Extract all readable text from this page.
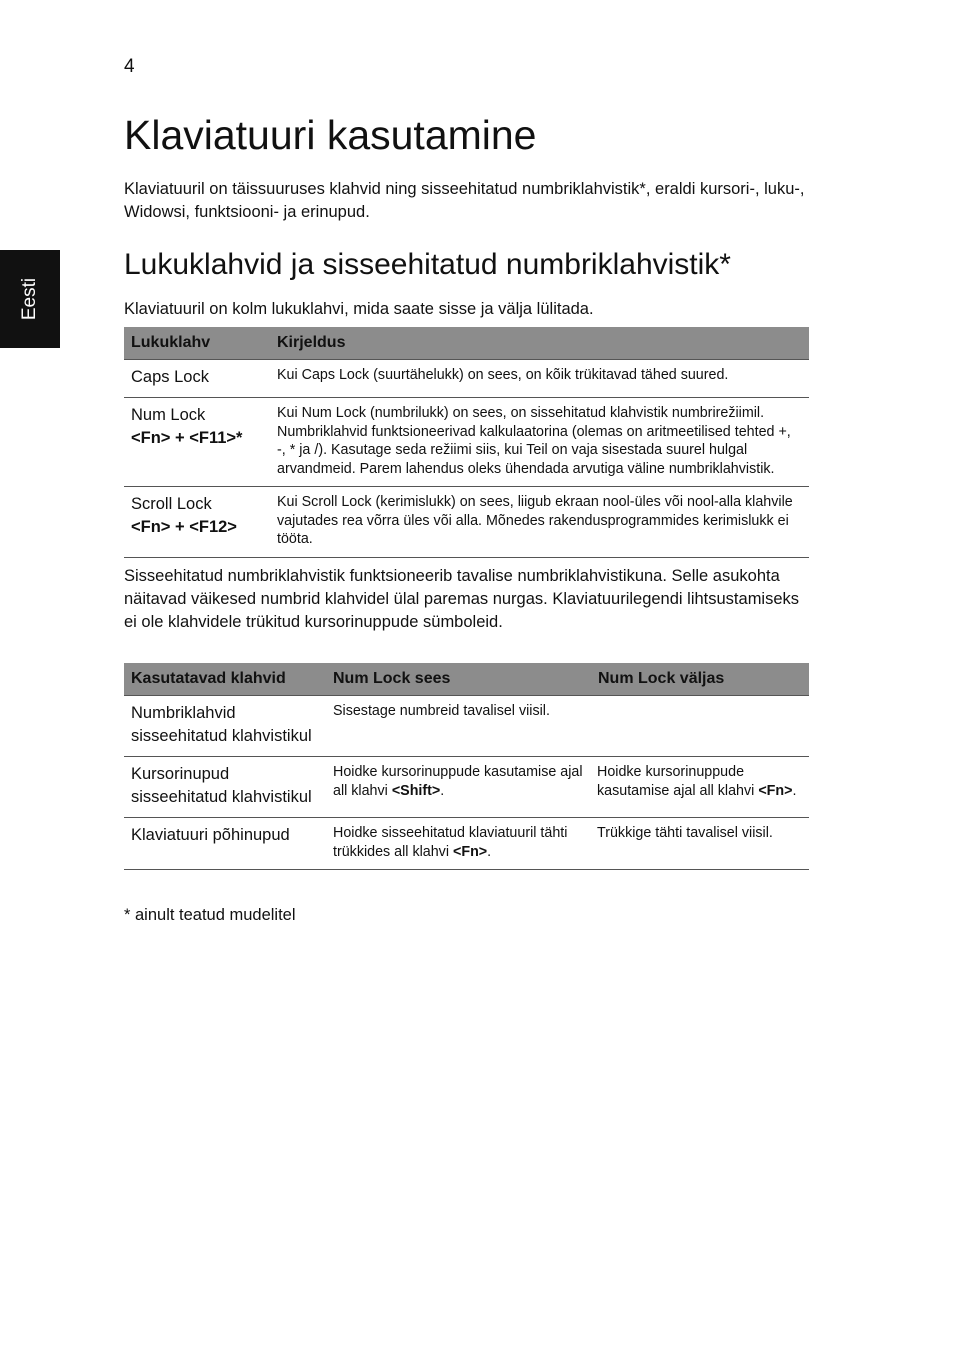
4
Eesti
Klaviatuuri kasutamine

Klaviatuuril on täissuuruses klahvid ning sisseehitatud numbriklahvistik*, eraldi kursori-, luku-, Widowsi, funktsiooni- ja erinupud.

Lukuklahvid ja sisseehitatud numbriklahvistik*

Klaviatuuril on kolm lukuklahvi, mida saate sisse ja välja lülitada.

Lukuklahv	Kirjeldus
Caps Lock	Kui Caps Lock (suurtähelukk) on sees, on kõik trükitavad tähed suured.
Num Lock
<Fn> + <F11>*	Kui Num Lock (numbrilukk) on sees, on sissehitatud klahvistik numbrirežiimil. Numbriklahvid funktsioneerivad kalkulaatorina (olemas on aritmeetilised tehted +, -, * ja /). Kasutage seda režiimi siis, kui Teil on vaja sisestada suurel hulgal arvandmeid. Parem lahendus oleks ühendada arvutiga väline numbriklahvistik.
Scroll Lock
<Fn> + <F12>	Kui Scroll Lock (kerimislukk) on sees, liigub ekraan nool-üles või nool-alla klahvile vajutades rea võrra üles või alla. Mõnedes rakendusprogrammides kerimislukk ei tööta.

Sisseehitatud numbriklahvistik funktsioneerib tavalise numbriklahvistikuna. Selle asukohta näitavad väikesed numbrid klahvidel ülal paremas nurgas. Klaviatuurilegendi lihtsustamiseks ei ole klahvidele trükitud kursorinuppude sümboleid.

Kasutatavad klahvid	Num Lock sees	Num Lock väljas
Numbriklahvid sisseehitatud klahvistikul	Sisestage numbreid tavalisel viisil.	
Kursorinupud sisseehitatud klahvistikul	Hoidke kursorinuppude kasutamise ajal all klahvi <Shift>.	Hoidke kursorinuppude kasutamise ajal all klahvi <Fn>.
Klaviatuuri põhinupud	Hoidke sisseehitatud klaviatuuril tähti trükkides all klahvi <Fn>.	Trükkige tähti tavalisel viisil.

* ainult teatud mudelitel
